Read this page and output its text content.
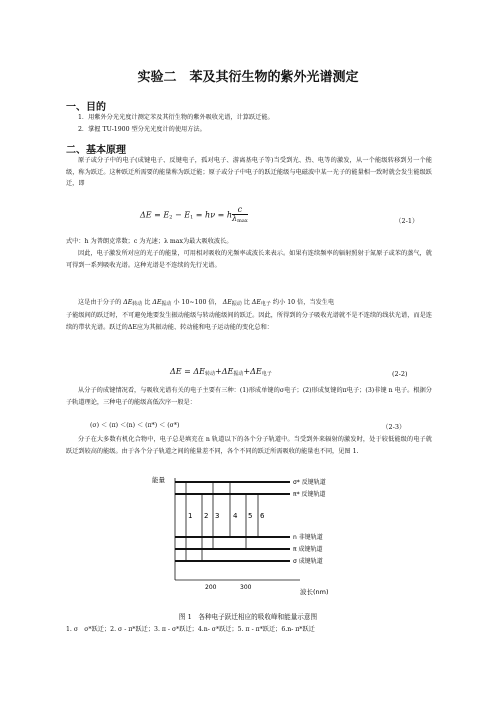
实验二　苯及其衍生物的紫外光谱测定
一、目的
1．用紫外分光光度计测定苯及其衍生物的紫外吸收光谱，计算跃迁能。
2．掌握 TU-1900 型分光光度计的使用方法。
二、基本原理
原子或分子中的电子(成键电子、反键电子，孤对电子、游离基电子等)当受到光、热、电等的激发，从一个能级转移到另一个能级，称为跃迁。这种跃迁所需要的能量称为跃迁能；原子或分子中电子的跃迁能级与电磁波中某一光子的能量相一致时就会发生能级跃迁，即
$\Delta E = E_2 - E_1 = h\nu = h \frac{c}{\lambda_{max}}$	（2-1）
式中：h 为普朗克常数；c 为光速；λ max为最大吸收波长。
因此，电子激发所对应的光子的能量，可用相对吸收的光频率或波长来表示。如果有连续频率的辐射照射于氮原子或苯的蒸气，就可得到一系列吸收光谱。这种光谱是不连续的先行光谱。
这是由于分子的 $\Delta E_{转动}$ 比 $\Delta E_{振动}$ 小 10~100 倍， $\Delta E_{振动}$ 比 $\Delta E_{电子}$ 约小 10 倍，当发生电
子能级间的跃迁时，不可避免地要发生振动能级与转动能级间的跃迁。因此，所得到的分子吸收光谱就不是不连续的线状光谱，而是连续的带状光谱。跃迁的ΔE应为其振动能、转动能和电子运动能的变化总和：
$\Delta E = \Delta E_{转动}+\Delta E_{振动}+\Delta E_{电子}$	(2-2)
从分子的成键情况看，与吸收光谱有关的电子主要有三种：(1)形成单键的σ电子；(2)形成复键的π电子；(3)非键 n 电子。根据分子轨道理论，三种电子的能级高低次序一般是：
(σ) ＜ (π) ＜(n) ＜ (π*) ＜ (σ*)	（2-3）
分子在大多数有机化合物中，电子总是填充在 n 轨道以下的各个分子轨道中。当受到外来辐射的激发时，处于较低能级的电子就跃迁到较高的能级。由于各个分子轨道之间的能量差不同，各个不同的跃迁所需吸收的能量也不同，见图 1.
能量
波长(nm)
200	300
σ* 反键轨道
π* 反键轨道
n 非键轨道
π 成键轨道
σ 成键轨道
1 2 3 4 5 6
图 1　各种电子跃迁相应的吸收峰和能量示意图
1. σ　σ*跃迁；2. σ - π*跃迁；3. π - σ*跃迁；4.n- σ*跃迁；5. π - π*跃迁；6.n- π*跃迁
